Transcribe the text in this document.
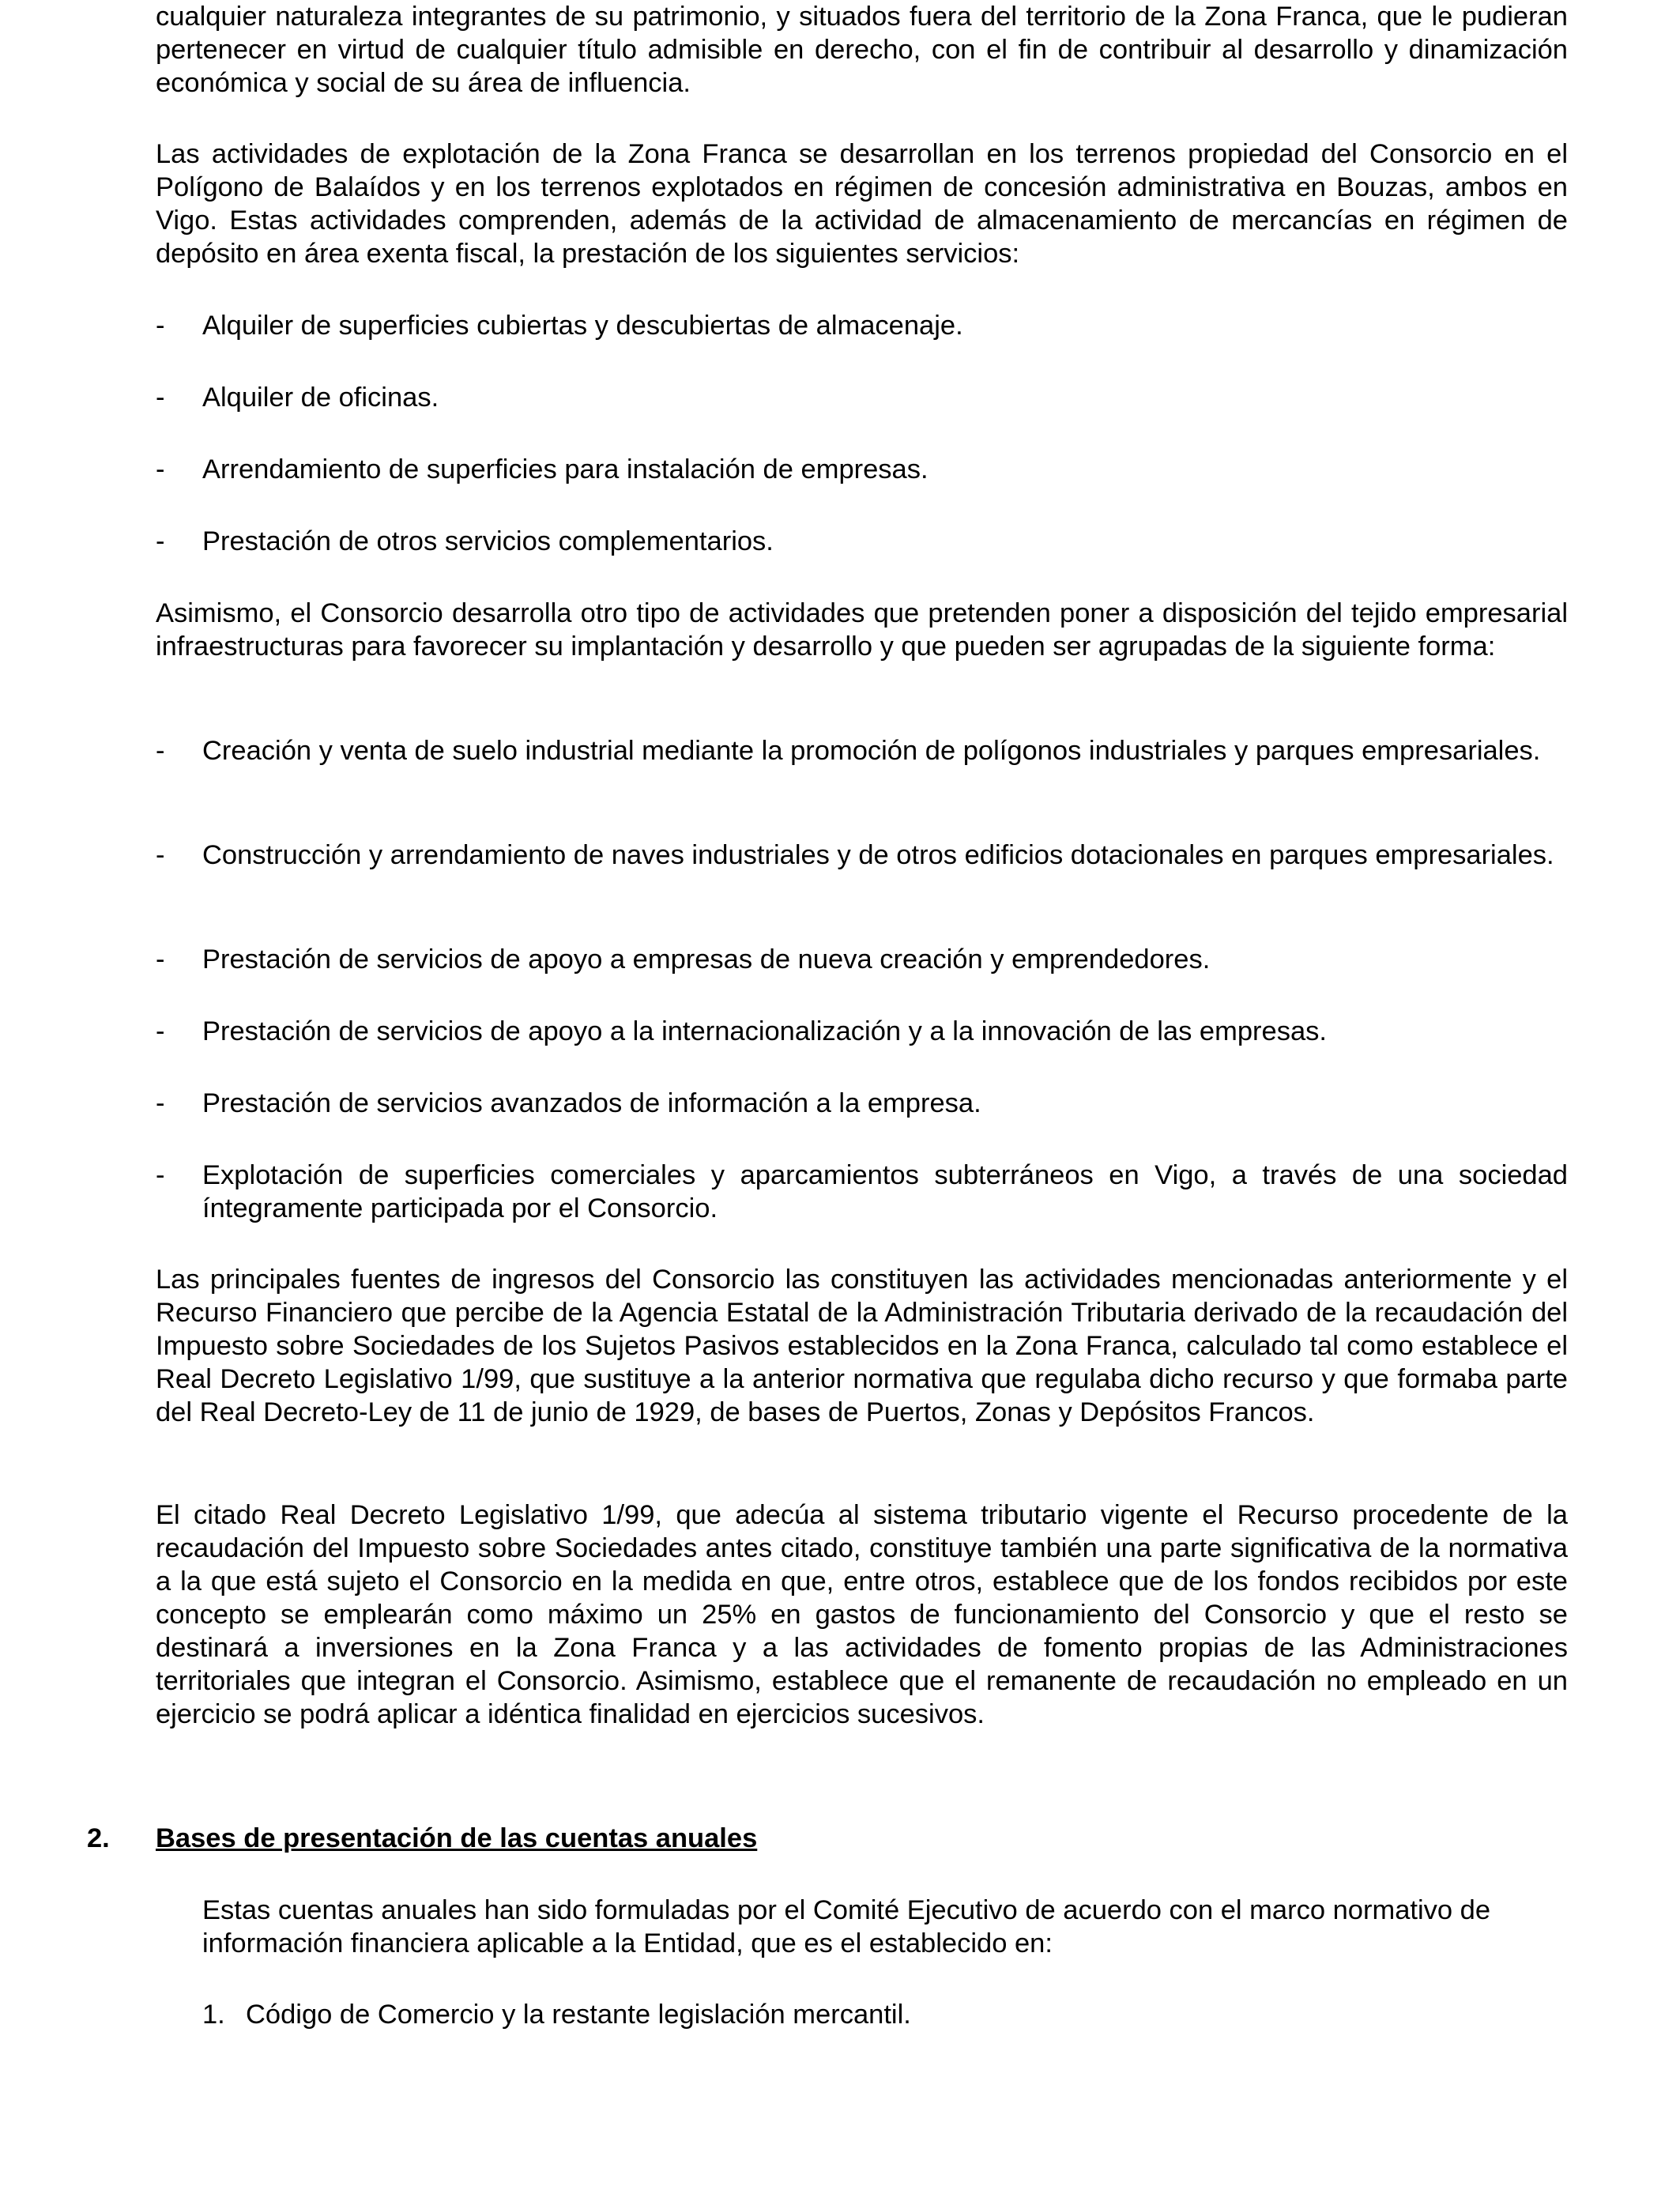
cualquier naturaleza integrantes de su patrimonio, y situados fuera del territorio de la Zona Franca, que le pudieran pertenecer en virtud de cualquier título admisible en derecho, con el fin de contribuir al desarrollo y dinamización económica y social de su área de influencia.
Las actividades de explotación de la Zona Franca se desarrollan en los terrenos propiedad del Consorcio en el Polígono de Balaídos y en los terrenos explotados en régimen de concesión administrativa en Bouzas, ambos en Vigo. Estas actividades comprenden, además de la actividad de almacenamiento de mercancías en régimen de depósito en área exenta fiscal, la prestación de los siguientes servicios:
-	Alquiler de superficies cubiertas y descubiertas de almacenaje.
-	Alquiler de oficinas.
-	Arrendamiento de superficies para instalación de empresas.
-	Prestación de otros servicios complementarios.
Asimismo, el Consorcio desarrolla otro tipo de actividades que pretenden poner a disposición del tejido empresarial infraestructuras para favorecer su implantación y desarrollo y que pueden ser agrupadas de la siguiente forma:
-	Creación y venta de suelo industrial mediante la promoción de polígonos industriales y parques empresariales.
-	Construcción y arrendamiento de naves industriales y de otros edificios dotacionales en parques empresariales.
-	Prestación de servicios de apoyo a empresas de nueva creación y emprendedores.
-	Prestación de servicios de apoyo a la internacionalización y a la innovación de las empresas.
-	Prestación de servicios avanzados de información a la empresa.
-	Explotación de superficies comerciales y aparcamientos subterráneos en Vigo, a través de una sociedad íntegramente participada por el Consorcio.
Las principales fuentes de ingresos del Consorcio las constituyen las actividades mencionadas anteriormente y el Recurso Financiero que percibe de la Agencia Estatal de la Administración Tributaria derivado de la recaudación del Impuesto sobre Sociedades de los Sujetos Pasivos establecidos en la Zona Franca, calculado tal como establece el Real Decreto Legislativo 1/99, que sustituye a la anterior normativa que regulaba dicho recurso y que formaba parte del Real Decreto-Ley de 11 de junio de 1929, de bases de Puertos, Zonas y Depósitos Francos.
El citado Real Decreto Legislativo 1/99, que adecúa al sistema tributario vigente el Recurso procedente de la recaudación del Impuesto sobre Sociedades antes citado, constituye también una parte significativa de la normativa a la que está sujeto el Consorcio en la medida en que, entre otros, establece que de los fondos recibidos por este concepto se emplearán como máximo un 25% en gastos de funcionamiento del Consorcio y que el resto se destinará a inversiones en la Zona Franca y a las actividades de fomento propias de las Administraciones territoriales que integran el Consorcio. Asimismo, establece que el remanente de recaudación no empleado en un ejercicio se podrá aplicar a idéntica finalidad en ejercicios sucesivos.
2. Bases de presentación de las cuentas anuales
Estas cuentas anuales han sido formuladas por el Comité Ejecutivo de acuerdo con el marco normativo de información financiera aplicable a la Entidad, que es el establecido en:
1. Código de Comercio y la restante legislación mercantil.
